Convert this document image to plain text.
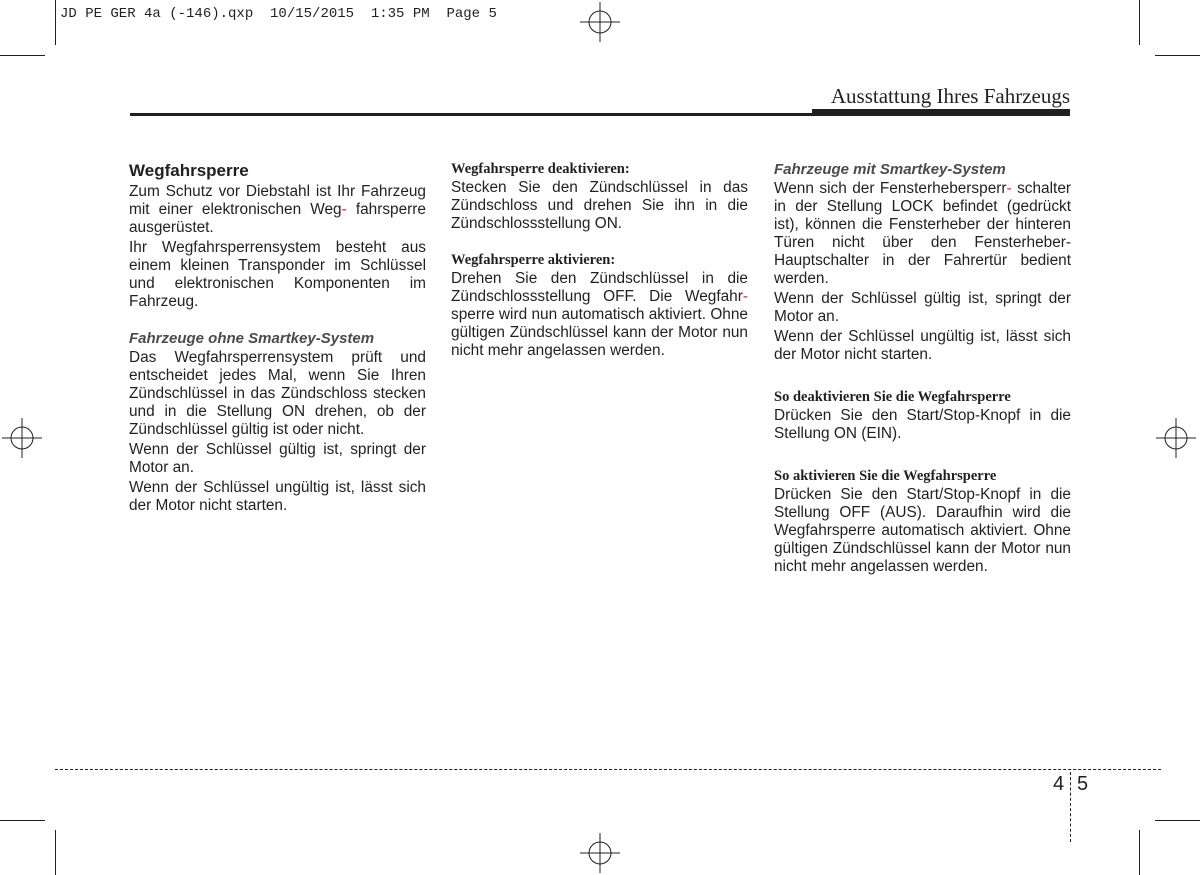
JD PE GER 4a (-146).qxp  10/15/2015  1:35 PM  Page 5
Ausstattung Ihres Fahrzeugs
Wegfahrsperre

Zum Schutz vor Diebstahl ist Ihr Fahrzeug mit einer elektronischen Weg- fahrsperre ausgerüstet.

Ihr Wegfahrsperrensystem besteht aus einem kleinen Transponder im Schlüssel und elektronischen Komponenten im Fahrzeug.

Fahrzeuge ohne Smartkey-System

Das Wegfahrsperrensystem prüft und entscheidet jedes Mal, wenn Sie Ihren Zündschlüssel in das Zündschloss stecken und in die Stellung ON drehen, ob der Zündschlüssel gültig ist oder nicht.

Wenn der Schlüssel gültig ist, springt der Motor an.

Wenn der Schlüssel ungültig ist, lässt sich der Motor nicht starten.

Wegfahrsperre deaktivieren:

Stecken Sie den Zündschlüssel in das Zündschloss und drehen Sie ihn in die Zündschlossstellung ON.

Wegfahrsperre aktivieren:

Drehen Sie den Zündschlüssel in die Zündschlossstellung OFF. Die Wegfahr- sperre wird nun automatisch aktiviert. Ohne gültigen Zündschlüssel kann der Motor nun nicht mehr angelassen werden.

Fahrzeuge mit Smartkey-System

Wenn sich der Fensterhebersperr- schalter in der Stellung LOCK befindet (gedrückt ist), können die Fensterheber der hinteren Türen nicht über den Fensterheber-Hauptschalter in der Fahrertür bedient werden.

Wenn der Schlüssel gültig ist, springt der Motor an.

Wenn der Schlüssel ungültig ist, lässt sich der Motor nicht starten.

So deaktivieren Sie die Wegfahrsperre

Drücken Sie den Start/Stop-Knopf in die Stellung ON (EIN).

So aktivieren Sie die Wegfahrsperre

Drücken Sie den Start/Stop-Knopf in die Stellung OFF (AUS). Daraufhin wird die Wegfahrsperre automatisch aktiviert. Ohne gültigen Zündschlüssel kann der Motor nun nicht mehr angelassen werden.

4 5
